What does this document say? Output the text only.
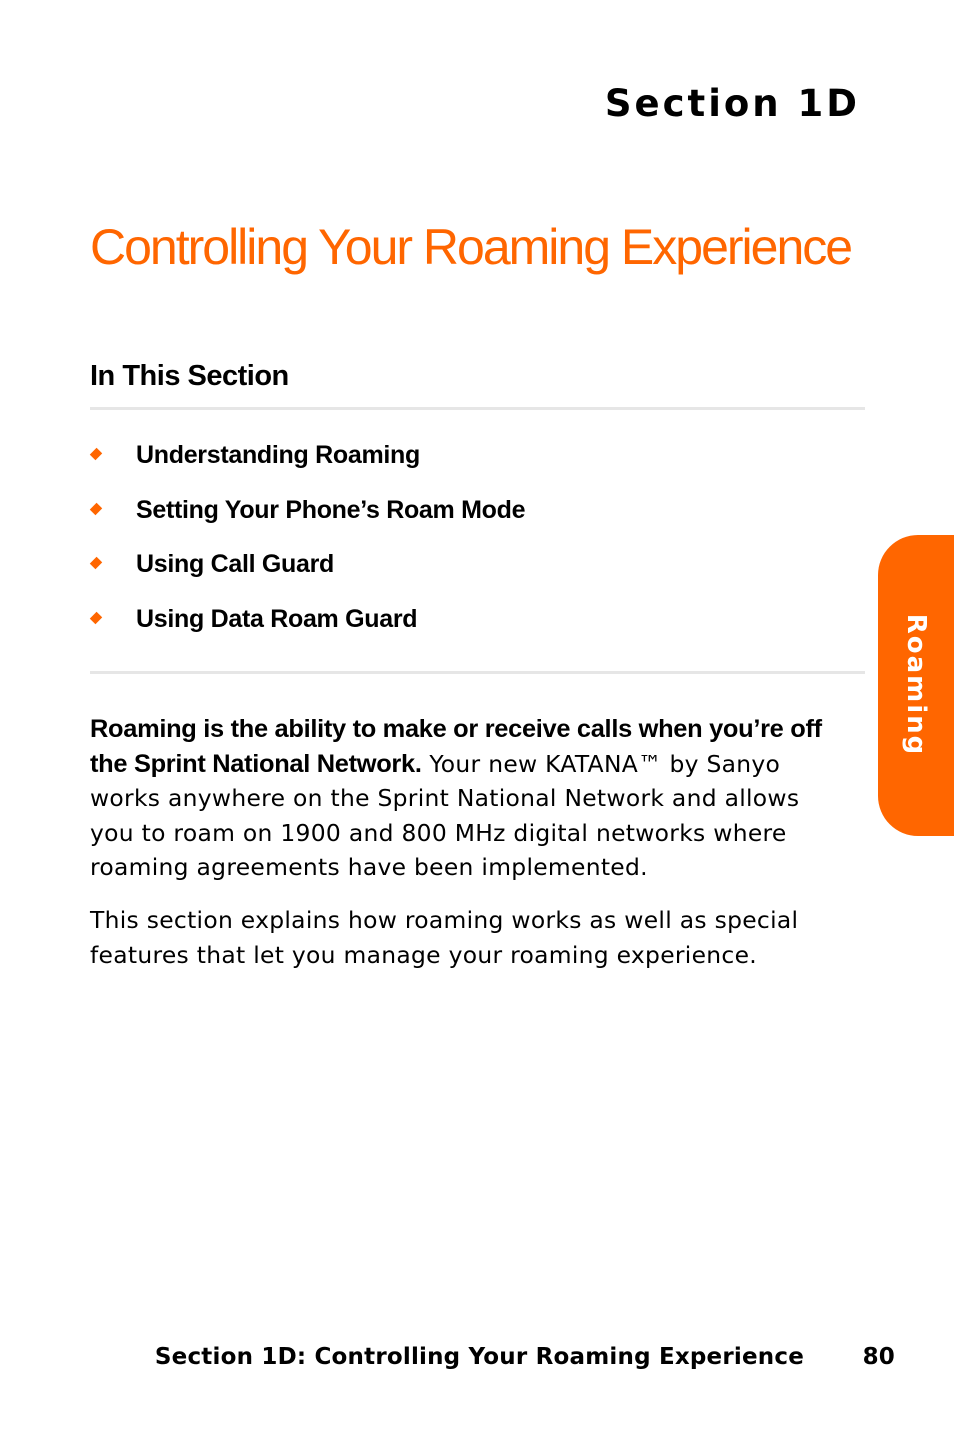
Section 1D
Controlling Your Roaming Experience
In This Section
Understanding Roaming
Setting Your Phone’s Roam Mode
Using Call Guard
Using Data Roam Guard

Roaming is the ability to make or receive calls when you’re off the Sprint National Network. Your new KATANA™ by Sanyo works anywhere on the Sprint National Network and allows you to roam on 1900 and 800 MHz digital networks where roaming agreements have been implemented.

This section explains how roaming works as well as special features that let you manage your roaming experience.

Roaming
Section 1D: Controlling Your Roaming Experience	80
